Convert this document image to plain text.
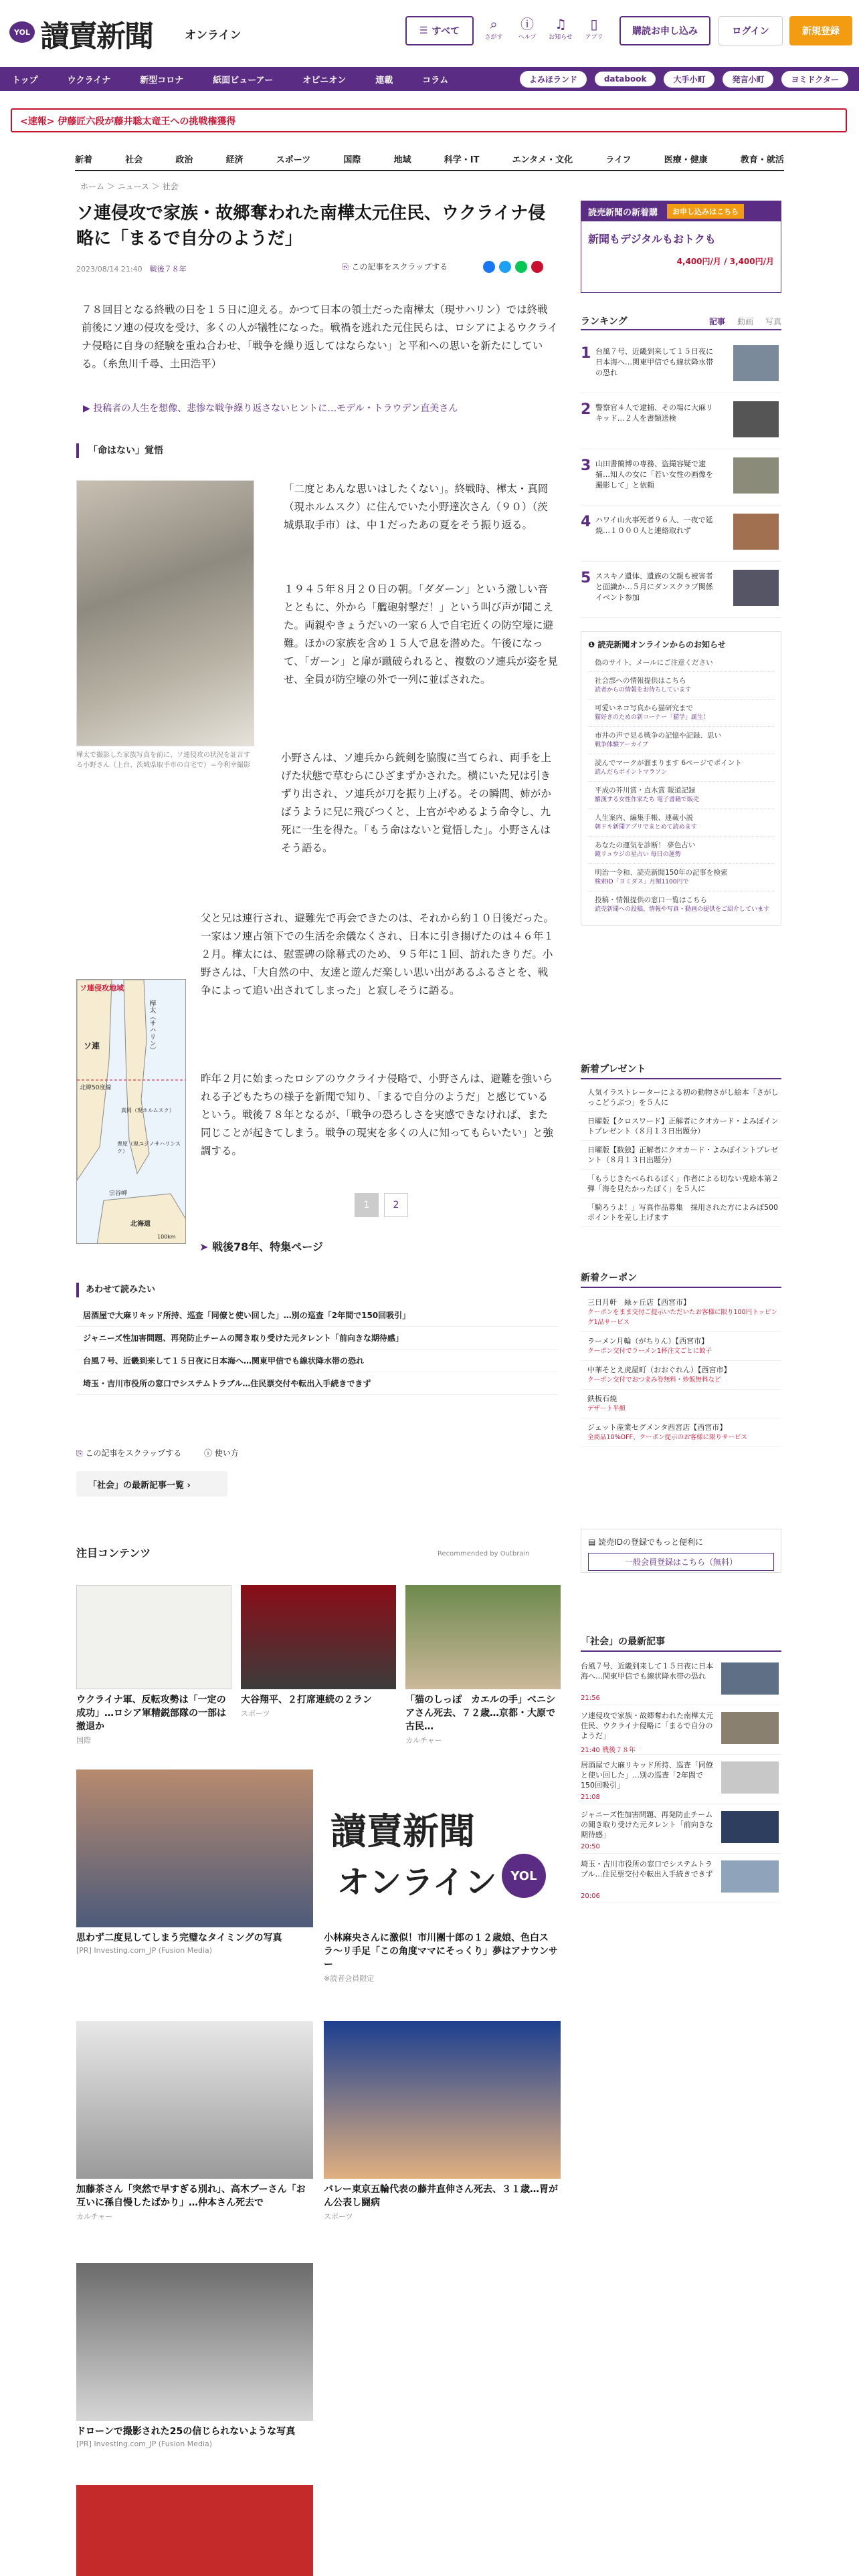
YOL 讀賣新聞	オンライン	☰ すべて	⌕
さがす
ⓘ
ヘルプ
♫
お知らせ
▯
アプリ
購読お申し込み	ログイン	新規登録
トップ	ウクライナ	新型コロナ	紙面ビューアー	オピニオン	連載	コラム	よみほランド	databook	大手小町	発言小町	ヨミドクター
<速報> 伊藤匠六段が藤井聡太竜王への挑戦権獲得
新着	社会	政治	経済	スポーツ	国際	地域	科学・IT	エンタメ・文化	ライフ	医療・健康	教育・就活
ホーム ＞ ニュース ＞ 社会
ソ連侵攻で家族・故郷奪われた南樺太元住民、ウクライナ侵略に「まるで自分のようだ」
2023/08/14 21:40　 戦後７８年	⎘ この記事をスクラップする

７８回目となる終戦の日を１５日に迎える。かつて日本の領土だった南樺太（現サハリン）では終戦前後にソ連の侵攻を受け、多くの人が犠牲になった。戦禍を逃れた元住民らは、ロシアによるウクライナ侵略に自身の経験を重ね合わせ、「戦争を繰り返してはならない」と平和への思いを新たにしている。（糸魚川千尋、土田浩平）

▶ 投稿者の人生を想像、悲惨な戦争繰り返さないヒントに…モデル・トラウデン直美さん
「命はない」覚悟
樺太で撮影した家族写真を前に、ソ連侵攻の状況を証言する小野さん（上台、茨城県取手市の自宅で）＝今利幸撮影

「二度とあんな思いはしたくない」。終戦時、樺太・真岡（現ホルムスク）に住んでいた小野達次さん（９０）（茨城県取手市）は、中１だったあの夏をそう振り返る。

１９４５年８月２０日の朝。「ダダーン」という激しい音とともに、外から「艦砲射撃だ！」という叫び声が聞こえた。両親やきょうだいの一家６人で自宅近くの防空壕に避難。ほかの家族を含め１５人で息を潜めた。午後になって、「ガーン」と扉が蹴破られると、複数のソ連兵が姿を見せ、全員が防空壕の外で一列に並ばされた。

小野さんは、ソ連兵から銃剣を脇腹に当てられ、両手を上げた状態で草むらにひざまずかされた。横にいた兄は引きずり出され、ソ連兵が刀を振り上げる。その瞬間、姉がかばうように兄に飛びつくと、上官がやめるよう命令し、九死に一生を得た。「もう命はないと覚悟した」。小野さんはそう語る。

父と兄は連行され、避難先で再会できたのは、それから約１０日後だった。一家はソ連占領下での生活を余儀なくされ、日本に引き揚げたのは４６年１２月。樺太には、慰霊碑の除幕式のため、９５年に１回、訪れたきりだ。小野さんは、「大自然の中、友達と遊んだ楽しい思い出があるふるさとを、戦争によって追い出されてしまった」と寂しそうに語る。

ソ連侵攻地域
樺太（サハリン）
ソ連
北緯50度線
真岡（現ホルムスク）
豊原（現ユジノサハリンスク）
宗谷岬
北海道
100km

昨年２月に始まったロシアのウクライナ侵略で、小野さんは、避難を強いられる子どもたちの様子を新聞で知り、「まるで自分のようだ」と感じているという。戦後７８年となるが、「戦争の恐ろしさを実感できなければ、また同じことが起きてしまう。戦争の現実を多くの人に知ってもらいたい」と強調する。

1	2
➤ 戦後78年、特集ページ
あわせて読みたい
居酒屋で大麻リキッド所持、巡査「同僚と使い回した」…別の巡査「2年間で150回吸引」
ジャニーズ性加害問題、再発防止チームの聞き取り受けた元タレント「前向きな期待感」
台風７号、近畿到来して１５日夜に日本海へ…関東甲信でも線状降水帯の恐れ
埼玉・吉川市役所の窓口でシステムトラブル…住民票交付や転出入手続きできず
⎘ この記事をスクラップする	ⓘ 使い方
「社会」の最新記事一覧 ›
注目コンテンツ	Recommended by Outbrain
ウクライナ軍、反転攻勢は「一定の成功」…ロシア軍精鋭部隊の一部は撤退か
国際
大谷翔平、２打席連続の２ラン
スポーツ
「猫のしっぽ　カエルの手」ベニシアさん死去、７２歳…京都・大原で古民…
カルチャー
思わず二度見してしまう完璧なタイミングの写真
[PR] Investing.com_JP (Fusion Media)
讀賣新聞
オンライン	YOL
小林麻央さんに激似！市川團十郎の１２歳娘、色白スラ〜リ手足「この角度ママにそっくり」夢はアナウンサー
※読者会員限定
加藤茶さん「突然で早すぎる別れ」、高木ブーさん「お互いに孫自慢したばかり」…仲本さん死去で
カルチャー
バレー東京五輪代表の藤井直伸さん死去、３１歳…胃がん公表し闘病
スポーツ
ドローンで撮影された25の信じられないような写真
[PR] Investing.com_JP (Fusion Media)
読売新聞の新着購	お申し込みはこちら
新聞もデジタルもおトクも
4,400円/月 / 3,400円/月
ランキング	記事 動画 写真
1 台風７号、近畿到来して１５日夜に日本海へ…関東甲信でも線状降水帯の恐れ
2 警察官４人で逮捕、その場に大麻リキッド…２人を書類送検
3 山田書簡博の専務、盗撮容疑で逮捕…知人の女に「若い女性の画像を撮影して」と依頼
4 ハワイ山火事死者９６人、一夜で延焼…１０００人と連絡取れず
5 ススキノ遺体、遺族の父親も被害者と面識か…５月にダンスクラブ関係イベント参加
❶ 読売新聞オンラインからのお知らせ
偽のサイト、メールにご注意ください
社会部への情報提供はこちら
読者からの情報をお待ちしています
可愛いネコ写真から猫研究まで
猫好きのための新コーナー「猫学」誕生！
市井の声で見る戦争の記憶や記録、思い
戦争体験アーカイブ
読んでマークが溜まります 6ページでポイント
読んだらポイントマラソン
平成の芥川賞・直木賞 報道記録
羅漢する女性作家たち 電子書籍で販売
人生案内、編集手帳、連載小説
朝ドキ新聞アプリでまとめて読めます
あなたの運気を診断！ 夢色占い
鏡リュウジの星占い 毎日の運勢
明治一令和、読売新聞150年の記事を検索
検索ID「ヨミダス」月額1100円で
投稿・情報提供の窓口一覧はこちら
読売新聞への投稿、情報や写真・動画の提供をご紹介しています
新着プレゼント
人気イラストレーターによる初の動物さがし絵本「さがしっこどうぶつ」を５人に
日曜版【クロスワード】正解者にクオカード・よみぽイントプレゼント（８月１３日出題分）
日曜版【数独】正解者にクオカード・よみぽイントプレゼント（８月１３日出題分）
「もうじきたべられるぼく」作者による切ない兎絵本第２弾「海を見たかったぼく」を５人に
「騎ろうよ！」写真作品募集　採用された方によみぽ500ポイントを差し上げます
新着クーポン
三日月軒　緑ヶ丘店【西宮市】
クーポンをまま交付ご提示いただいたお客様に限り100円トッピング1品サービス
ラーメン月輪（がちりん）【西宮市】
クーポン交付でラーメン1杯注文ごとに餃子
中華そとえ虎屋町（おおぐれん）【西宮市】
クーポン交付でおつまみ券無料・炒飯無料など
鉄板石焼
デザート半額
ジェット産業セグメンタ西宮店【西宮市】
全商品10%OFF、クーポン提示のお客様に限りサービス
▤ 読売IDの登録でもっと便利に
一般会員登録はこちら（無料）
「社会」の最新記事
台風７号、近畿到来して１５日夜に日本海へ…関東甲信でも線状降水帯の恐れ
21:56
ソ連侵攻で家族・故郷奪われた南樺太元住民、ウクライナ侵略に「まるで自分のようだ」
21:40 戦後７８年
居酒屋で大麻リキッド所持、巡査「同僚と使い回した」…別の巡査「2年間で150回吸引」
21:08
ジャニーズ性加害問題、再発防止チームの聞き取り受けた元タレント「前向きな期待感」
20:50
埼玉・吉川市役所の窓口でシステムトラブル…住民票交付や転出入手続きできず
20:06
